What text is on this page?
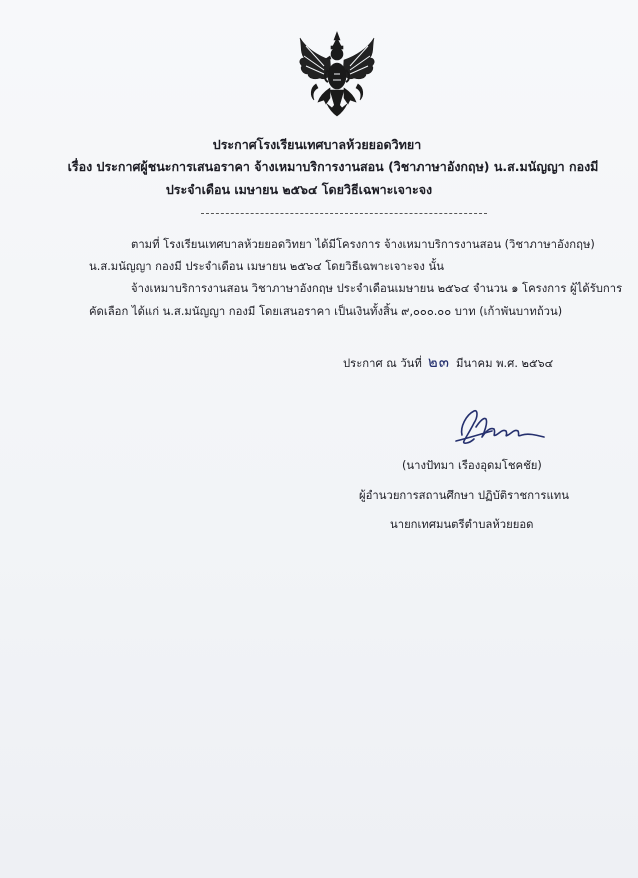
ประกาศโรงเรียนเทศบาลห้วยยอดวิทยา
เรื่อง ประกาศผู้ชนะการเสนอราคา จ้างเหมาบริการงานสอน (วิชาภาษาอังกฤษ) น.ส.มนัญญา กองมี
ประจำเดือน เมษายน ๒๕๖๔ โดยวิธีเฉพาะเจาะจง
ตามที่ โรงเรียนเทศบาลห้วยยอดวิทยา ได้มีโครงการ จ้างเหมาบริการงานสอน (วิชาภาษาอังกฤษ)
น.ส.มนัญญา กองมี ประจำเดือน เมษายน ๒๕๖๔ โดยวิธีเฉพาะเจาะจง นั้น
จ้างเหมาบริการงานสอน วิชาภาษาอังกฤษ ประจำเดือนเมษายน ๒๕๖๔ จำนวน ๑ โครงการ ผู้ได้รับการ
คัดเลือก ได้แก่ น.ส.มนัญญา กองมี โดยเสนอราคา เป็นเงินทั้งสิ้น ๙,๐๐๐.๐๐ บาท (เก้าพันบาทถ้วน)
ประกาศ ณ วันที่ ๒๓ มีนาคม พ.ศ. ๒๕๖๔
(นางปัทมา เรืองอุดมโชคชัย)
ผู้อำนวยการสถานศึกษา ปฏิบัติราชการแทน
นายกเทศมนตรีตำบลห้วยยอด
